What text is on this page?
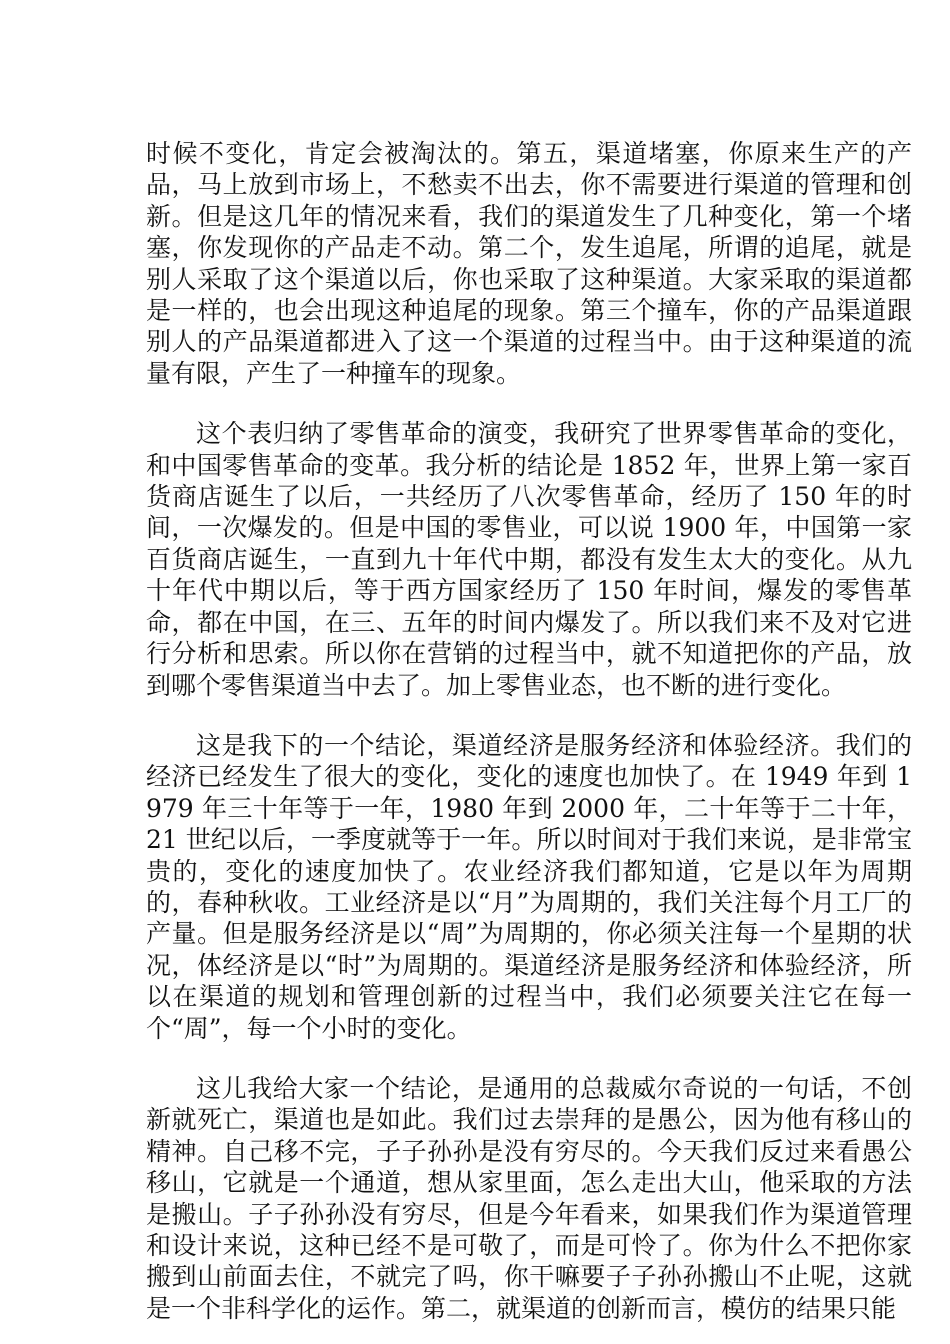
时候不变化，肯定会被淘汰的。第五，渠道堵塞，你原来生产的产品，马上放到市场上，不愁卖不出去，你不需要进行渠道的管理和创新。但是这几年的情况来看，我们的渠道发生了几种变化，第一个堵塞，你发现你的产品走不动。第二个，发生追尾，所谓的追尾，就是别人采取了这个渠道以后，你也采取了这种渠道。大家采取的渠道都是一样的，也会出现这种追尾的现象。第三个撞车，你的产品渠道跟别人的产品渠道都进入了这一个渠道的过程当中。由于这种渠道的流量有限，产生了一种撞车的现象。

这个表归纳了零售革命的演变，我研究了世界零售革命的变化，和中国零售革命的变革。我分析的结论是 1852 年，世界上第一家百货商店诞生了以后，一共经历了八次零售革命，经历了 150 年的时间，一次爆发的。但是中国的零售业，可以说 1900 年，中国第一家百货商店诞生，一直到九十年代中期，都没有发生太大的变化。从九十年代中期以后，等于西方国家经历了 150 年时间，爆发的零售革命，都在中国，在三、五年的时间内爆发了。所以我们来不及对它进行分析和思索。所以你在营销的过程当中，就不知道把你的产品，放到哪个零售渠道当中去了。加上零售业态，也不断的进行变化。

这是我下的一个结论，渠道经济是服务经济和体验经济。我们的经济已经发生了很大的变化，变化的速度也加快了。在 1949 年到 1979 年三十年等于一年，1980 年到 2000 年，二十年等于二十年，21 世纪以后，一季度就等于一年。所以时间对于我们来说，是非常宝贵的，变化的速度加快了。农业经济我们都知道，它是以年为周期的，春种秋收。工业经济是以“月”为周期的，我们关注每个月工厂的产量。但是服务经济是以“周”为周期的，你必须关注每一个星期的状况，体经济是以“时”为周期的。渠道经济是服务经济和体验经济，所以在渠道的规划和管理创新的过程当中，我们必须要关注它在每一个“周”，每一个小时的变化。

这儿我给大家一个结论，是通用的总裁威尔奇说的一句话，不创新就死亡，渠道也是如此。我们过去崇拜的是愚公，因为他有移山的精神。自己移不完，子子孙孙是没有穷尽的。今天我们反过来看愚公移山，它就是一个通道，想从家里面，怎么走出大山，他采取的方法是搬山。子子孙孙没有穷尽，但是今年看来，如果我们作为渠道管理和设计来说，这种已经不是可敬了，而是可怜了。你为什么不把你家搬到山前面去住，不就完了吗，你干嘛要子子孙孙搬山不止呢，这就是一个非科学化的运作。第二，就渠道的创新而言，模仿的结果只能
